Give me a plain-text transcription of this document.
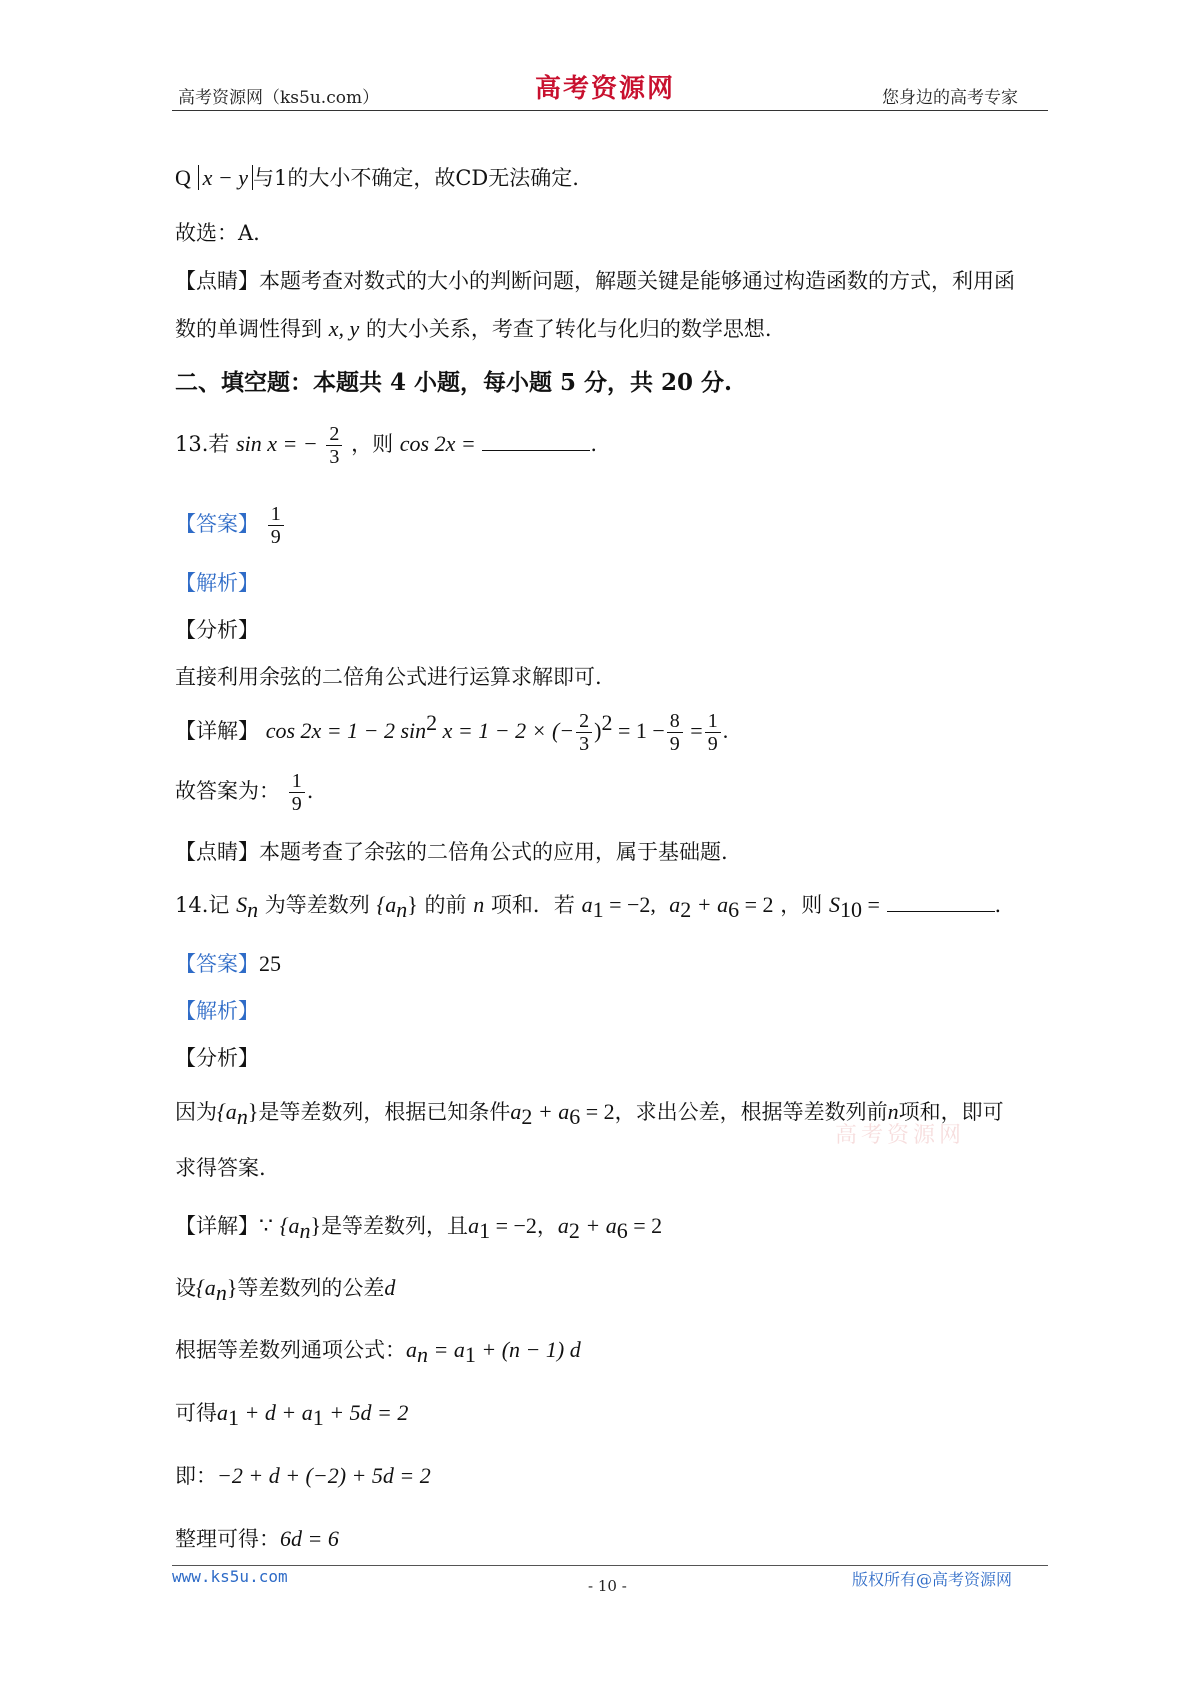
高考资源网（ks5u.com）	高考资源网	您身边的高考专家
Q x − y 与1的大小不确定，故CD无法确定.
故选：A.
【点睛】本题考查对数式的大小的判断问题，解题关键是能够通过构造函数的方式，利用函
数的单调性得到 x, y 的大小关系，考查了转化与化归的数学思想.
二、填空题：本题共 4 小题，每小题 5 分，共 20 分.
13.若 sin x = − $\frac{2}{3}$ ，则 cos 2x =	.
【答案】 $\frac{1}{9}$
【解析】
【分析】
直接利用余弦的二倍角公式进行运算求解即可.
【详解】 cos 2x = 1 − 2 $\sin^2 x = 1 - 2$ × (− $\frac{2}{3} )^2 = 1 - \frac{8}{9} = \frac{1}{9}$ .
故答案为： $\frac{1}{9}$ .
【点睛】本题考查了余弦的二倍角公式的应用，属于基础题.
14.记 $S_n$ 为等差数列 $\{a_n\}$ 的前 n 项和．若 $a_1 = -2$, $a_2 + a_6 = 2$ ，则 $S_{10}$ =	.
【答案】25
【解析】
【分析】
因为$\{a_n\}$是等差数列，根据已知条件$a_2 + a_6 = 2$，求出公差，根据等差数列前n项和，即可
高考资源网
求得答案.
【详解】∵ $\{a_n\}$是等差数列，且$a_1 = -2$，$a_2 + a_6 = 2$
设$\{a_n\}$等差数列的公差d
根据等差数列通项公式：$a_n = a_1 + (n - 1)$ d
可得$a_1 + d + a_1 + 5d = 2$
即：−2 + d + (−2) + 5d = 2
整理可得：6d = 6
www.ks5u.com	- 10 -	版权所有@高考资源网
